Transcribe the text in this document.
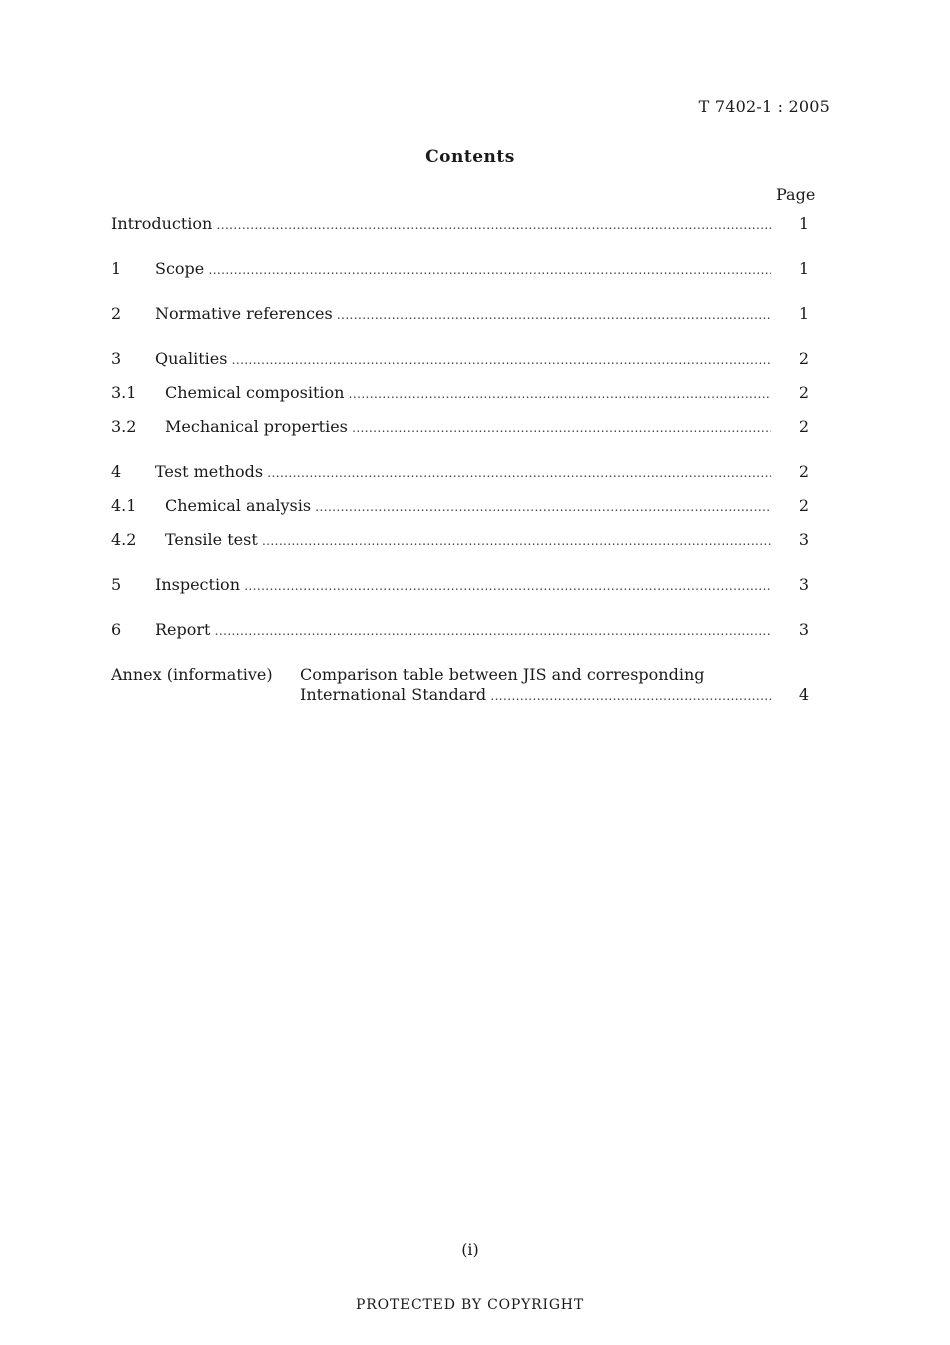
T 7402-1 : 2005
Contents
Page
Introduction .....	1
1 Scope .....	1
2 Normative references .....	1
3 Qualities .....	2
3.1 Chemical composition .....	2
3.2 Mechanical properties .....	2
4 Test methods .....	2
4.1 Chemical analysis .....	2
4.2 Tensile test .....	3
5 Inspection .....	3
6 Report .....	3
Annex (informative) Comparison table between JIS and corresponding
International Standard .....	4
(i)
PROTECTED BY COPYRIGHT
